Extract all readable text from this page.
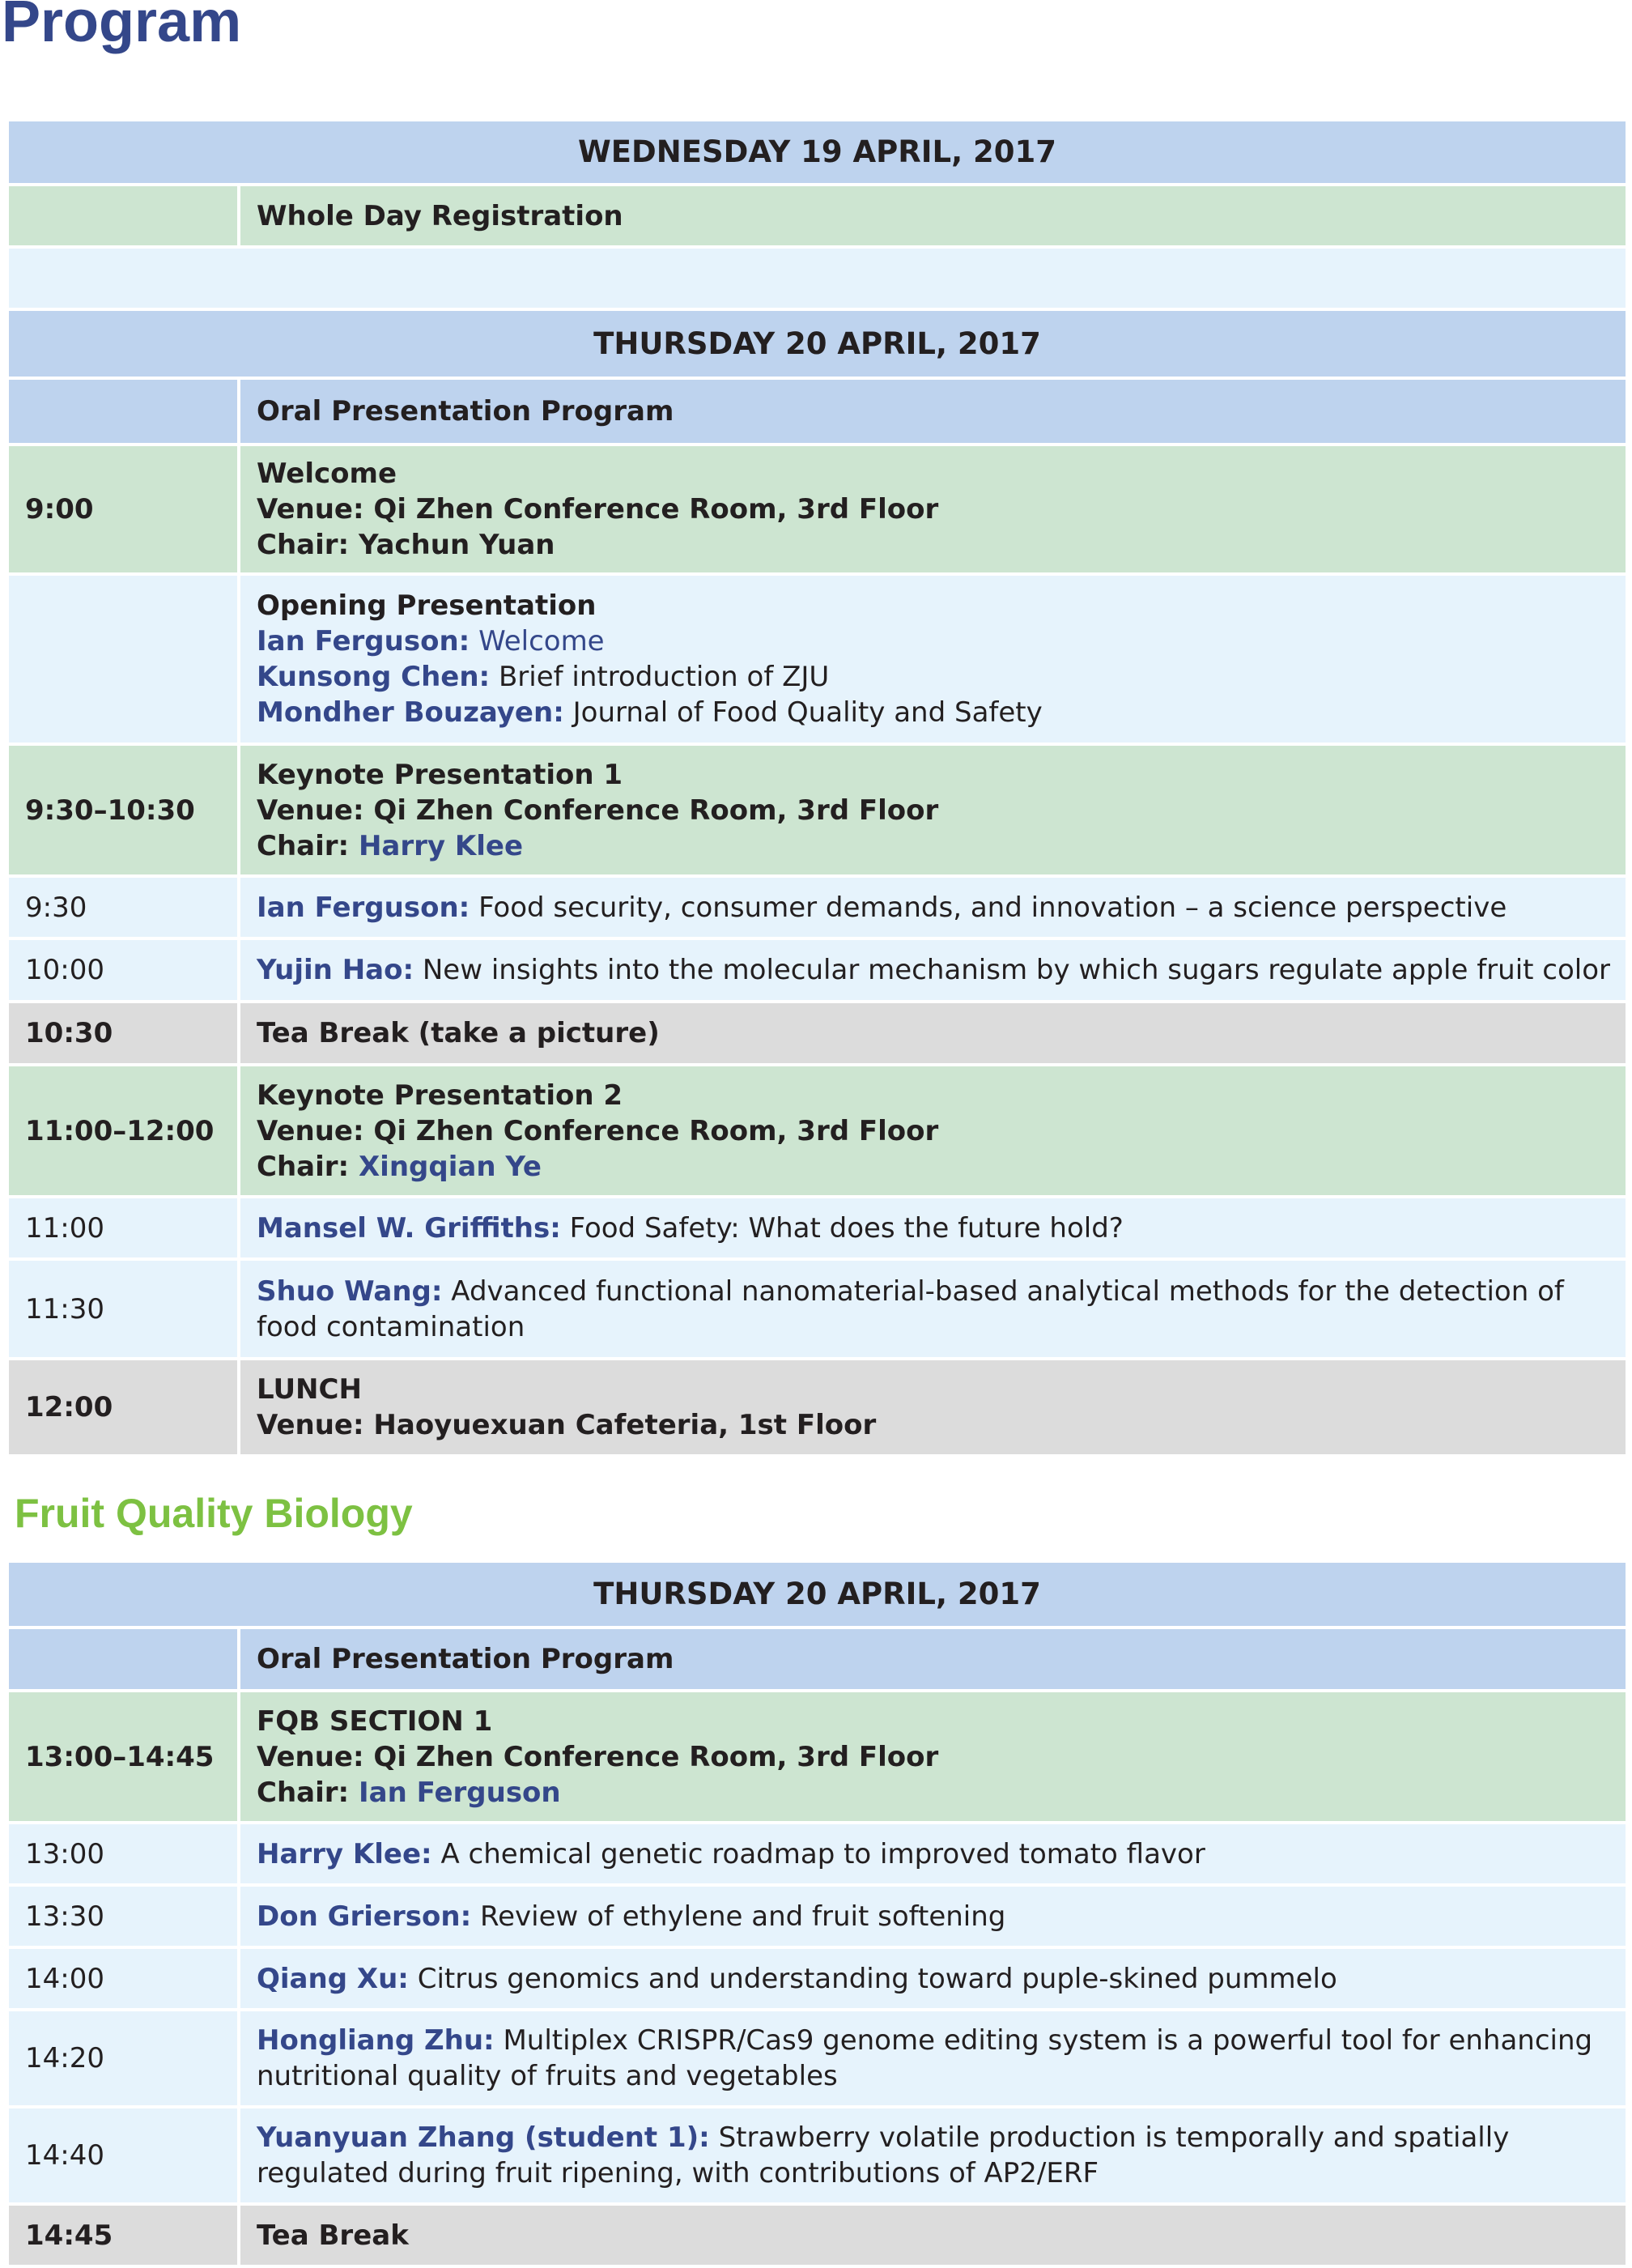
Program
WEDNESDAY 19 APRIL, 2017	
	Whole Day Registration

THURSDAY 20 APRIL, 2017	
	Oral Presentation Program
9:00	Welcome
Venue: Qi Zhen Conference Room, 3rd Floor
Chair: Yachun Yuan

	Opening Presentation
Ian Ferguson: Welcome
Kunsong Chen: Brief introduction of ZJU
Mondher Bouzayen: Journal of Food Quality and Safety

9:30–10:30	Keynote Presentation 1
Venue: Qi Zhen Conference Room, 3rd Floor
Chair: Harry Klee

9:30	Ian Ferguson: Food security, consumer demands, and innovation – a science perspective
10:00	Yujin Hao: New insights into the molecular mechanism by which sugars regulate apple fruit color
10:30	Tea Break (take a picture)
11:00–12:00	Keynote Presentation 2
Venue: Qi Zhen Conference Room, 3rd Floor
Chair: Xingqian Ye

11:00	Mansel W. Griffiths: Food Safety: What does the future hold?
11:30	Shuo Wang: Advanced functional nanomaterial-based analytical methods for the detection of food contamination
12:00	LUNCH
Venue: Haoyuexuan Cafeteria, 1st Floor
Fruit Quality Biology
THURSDAY 20 APRIL, 2017	
	Oral Presentation Program
13:00–14:45	FQB SECTION 1
Venue: Qi Zhen Conference Room, 3rd Floor
Chair: Ian Ferguson

13:00	Harry Klee: A chemical genetic roadmap to improved tomato flavor
13:30	Don Grierson: Review of ethylene and fruit softening
14:00	Qiang Xu: Citrus genomics and understanding toward puple-skined pummelo
14:20	Hongliang Zhu: Multiplex CRISPR/Cas9 genome editing system is a powerful tool for enhancing nutritional quality of fruits and vegetables
14:40	Yuanyuan Zhang (student 1): Strawberry volatile production is temporally and spatially regulated during fruit ripening, with contributions of AP2/ERF
14:45	Tea Break
